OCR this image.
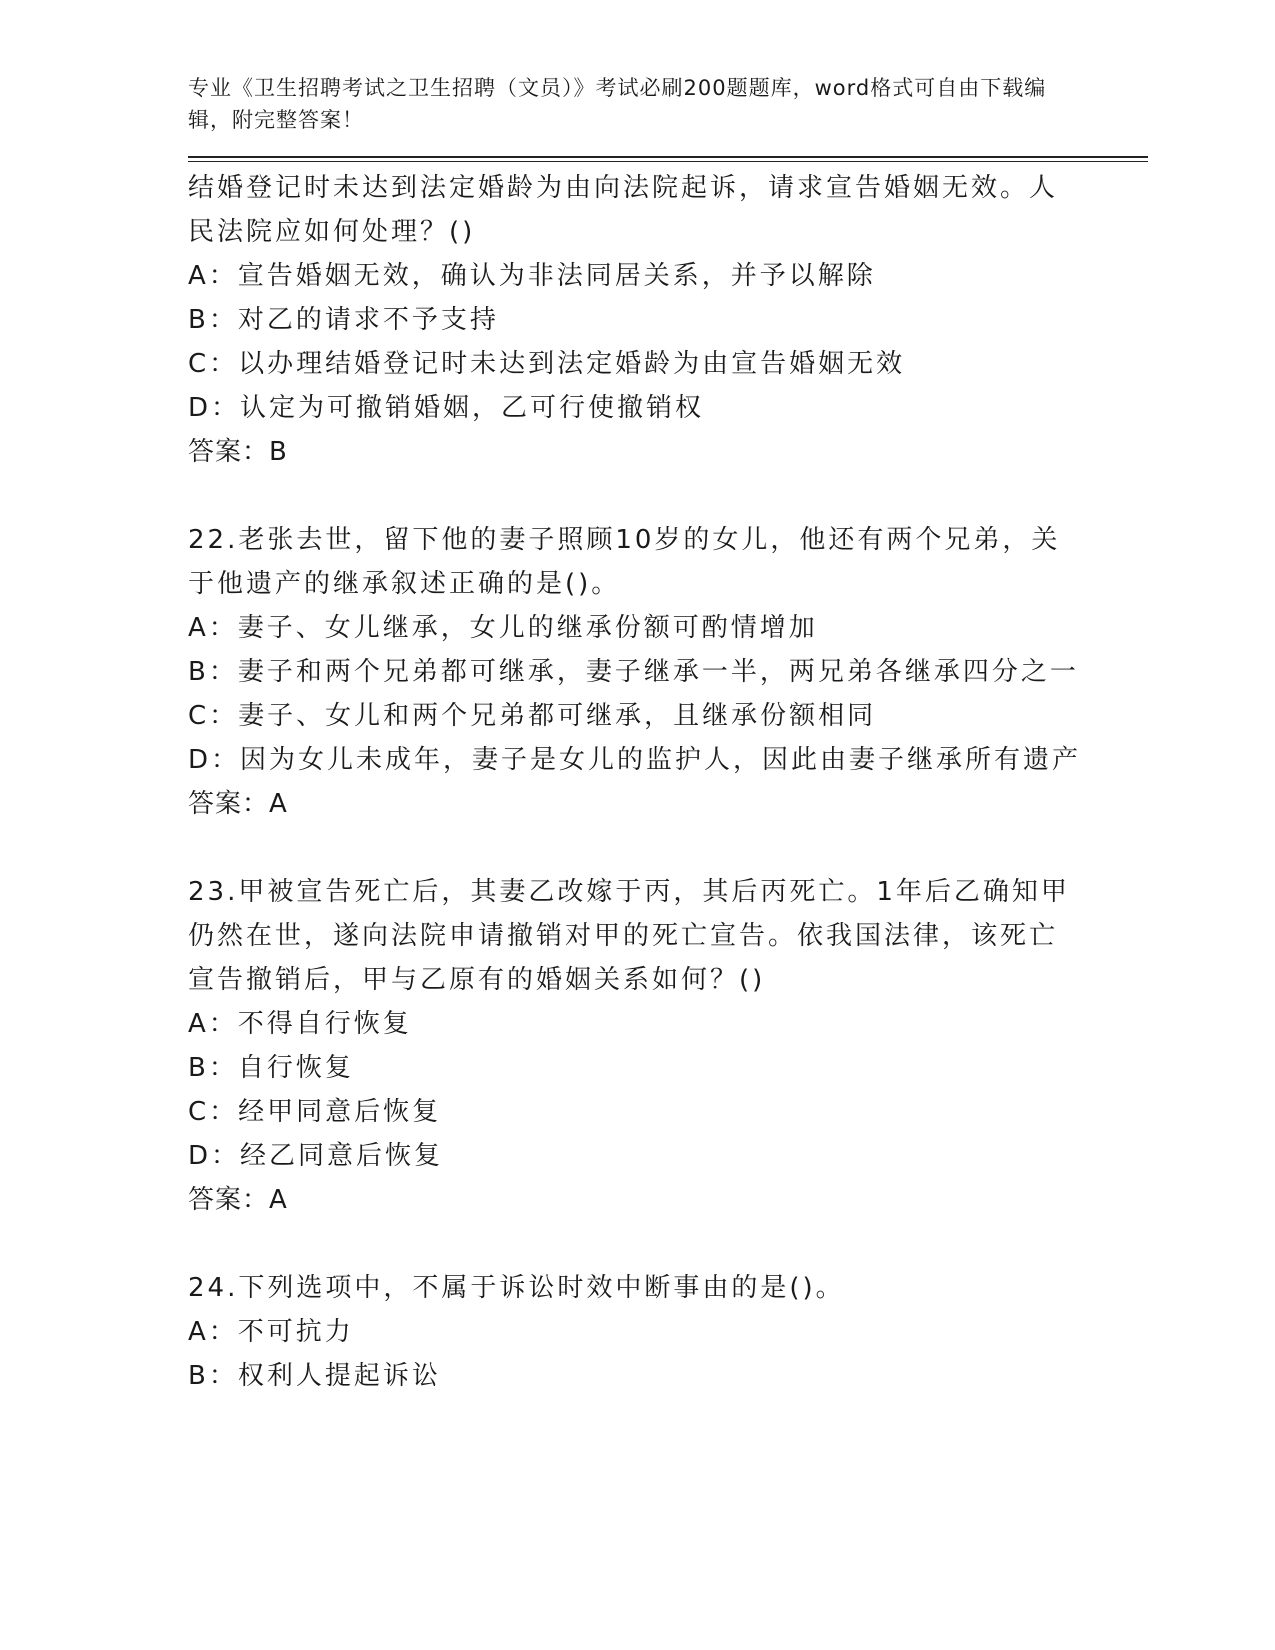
专业《卫生招聘考试之卫生招聘（文员）》考试必刷200题题库，word格式可自由下载编辑，附完整答案！

结婚登记时未达到法定婚龄为由向法院起诉，请求宣告婚姻无效。人

民法院应如何处理？()

A：宣告婚姻无效，确认为非法同居关系，并予以解除

B：对乙的请求不予支持

C：以办理结婚登记时未达到法定婚龄为由宣告婚姻无效

D：认定为可撤销婚姻，乙可行使撤销权

答案：B

22.老张去世，留下他的妻子照顾10岁的女儿，他还有两个兄弟，关

于他遗产的继承叙述正确的是()。

A：妻子、女儿继承，女儿的继承份额可酌情增加

B：妻子和两个兄弟都可继承，妻子继承一半，两兄弟各继承四分之一

C：妻子、女儿和两个兄弟都可继承，且继承份额相同

D：因为女儿未成年，妻子是女儿的监护人，因此由妻子继承所有遗产

答案：A

23.甲被宣告死亡后，其妻乙改嫁于丙，其后丙死亡。1年后乙确知甲

仍然在世，遂向法院申请撤销对甲的死亡宣告。依我国法律，该死亡

宣告撤销后，甲与乙原有的婚姻关系如何？()

A：不得自行恢复

B：自行恢复

C：经甲同意后恢复

D：经乙同意后恢复

答案：A

24.下列选项中，不属于诉讼时效中断事由的是()。

A：不可抗力

B：权利人提起诉讼
